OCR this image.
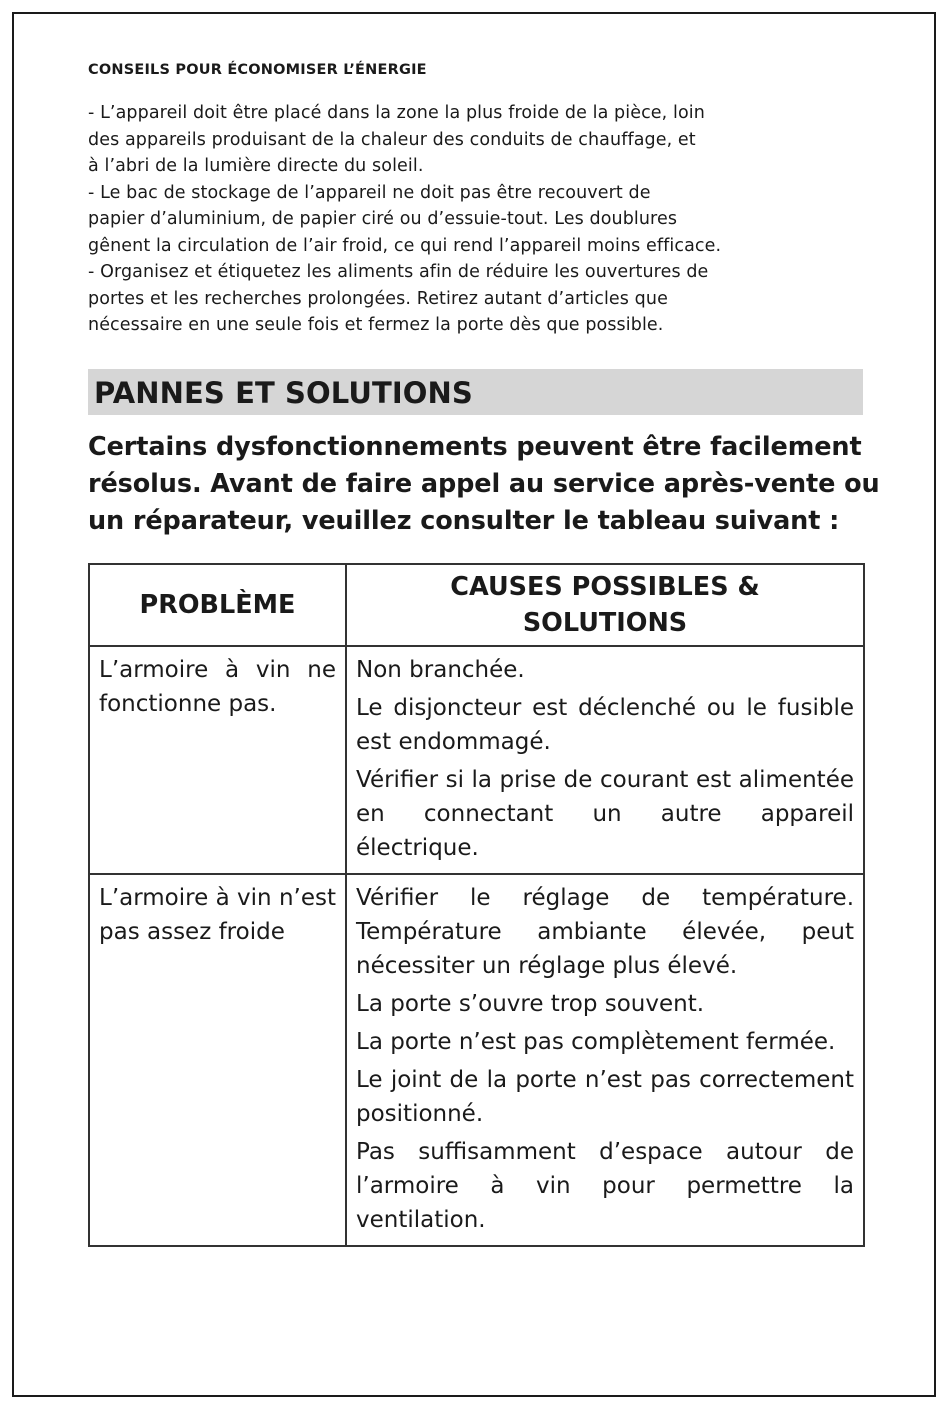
CONSEILS POUR ÉCONOMISER L’ÉNERGIE

- L’appareil doit être placé dans la zone la plus froide de la pièce, loin

des appareils produisant de la chaleur des conduits de chauffage, et

à l’abri de la lumière directe du soleil.

- Le bac de stockage de l’appareil ne doit pas être recouvert de

papier d’aluminium, de papier ciré ou d’essuie-tout. Les doublures

gênent la circulation de l’air froid, ce qui rend l’appareil moins efficace.

- Organisez et étiquetez les aliments afin de réduire les ouvertures de

portes et les recherches prolongées. Retirez autant d’articles que

nécessaire en une seule fois et fermez la porte dès que possible.

PANNES ET SOLUTIONS

Certains dysfonctionnements peuvent être facilement

résolus. Avant de faire appel au service après-vente ou

un réparateur, veuillez consulter le tableau suivant :

PROBLÈME	CAUSES POSSIBLES &
SOLUTIONS

L’armoire à vin ne fonctionne pas.	Non branchée.

Le disjoncteur est déclenché ou le fusible est endommagé.

Vérifier si la prise de courant est alimentée en connectant un autre appareil électrique.

L’armoire à vin n’est pas assez froide	Vérifier le réglage de température. Température ambiante élevée, peut nécessiter un réglage plus élevé.

La porte s’ouvre trop souvent.

La porte n’est pas complètement fermée.

Le joint de la porte n’est pas correctement positionné.

Pas suffisamment d’espace autour de l’armoire à vin pour permettre la ventilation.
